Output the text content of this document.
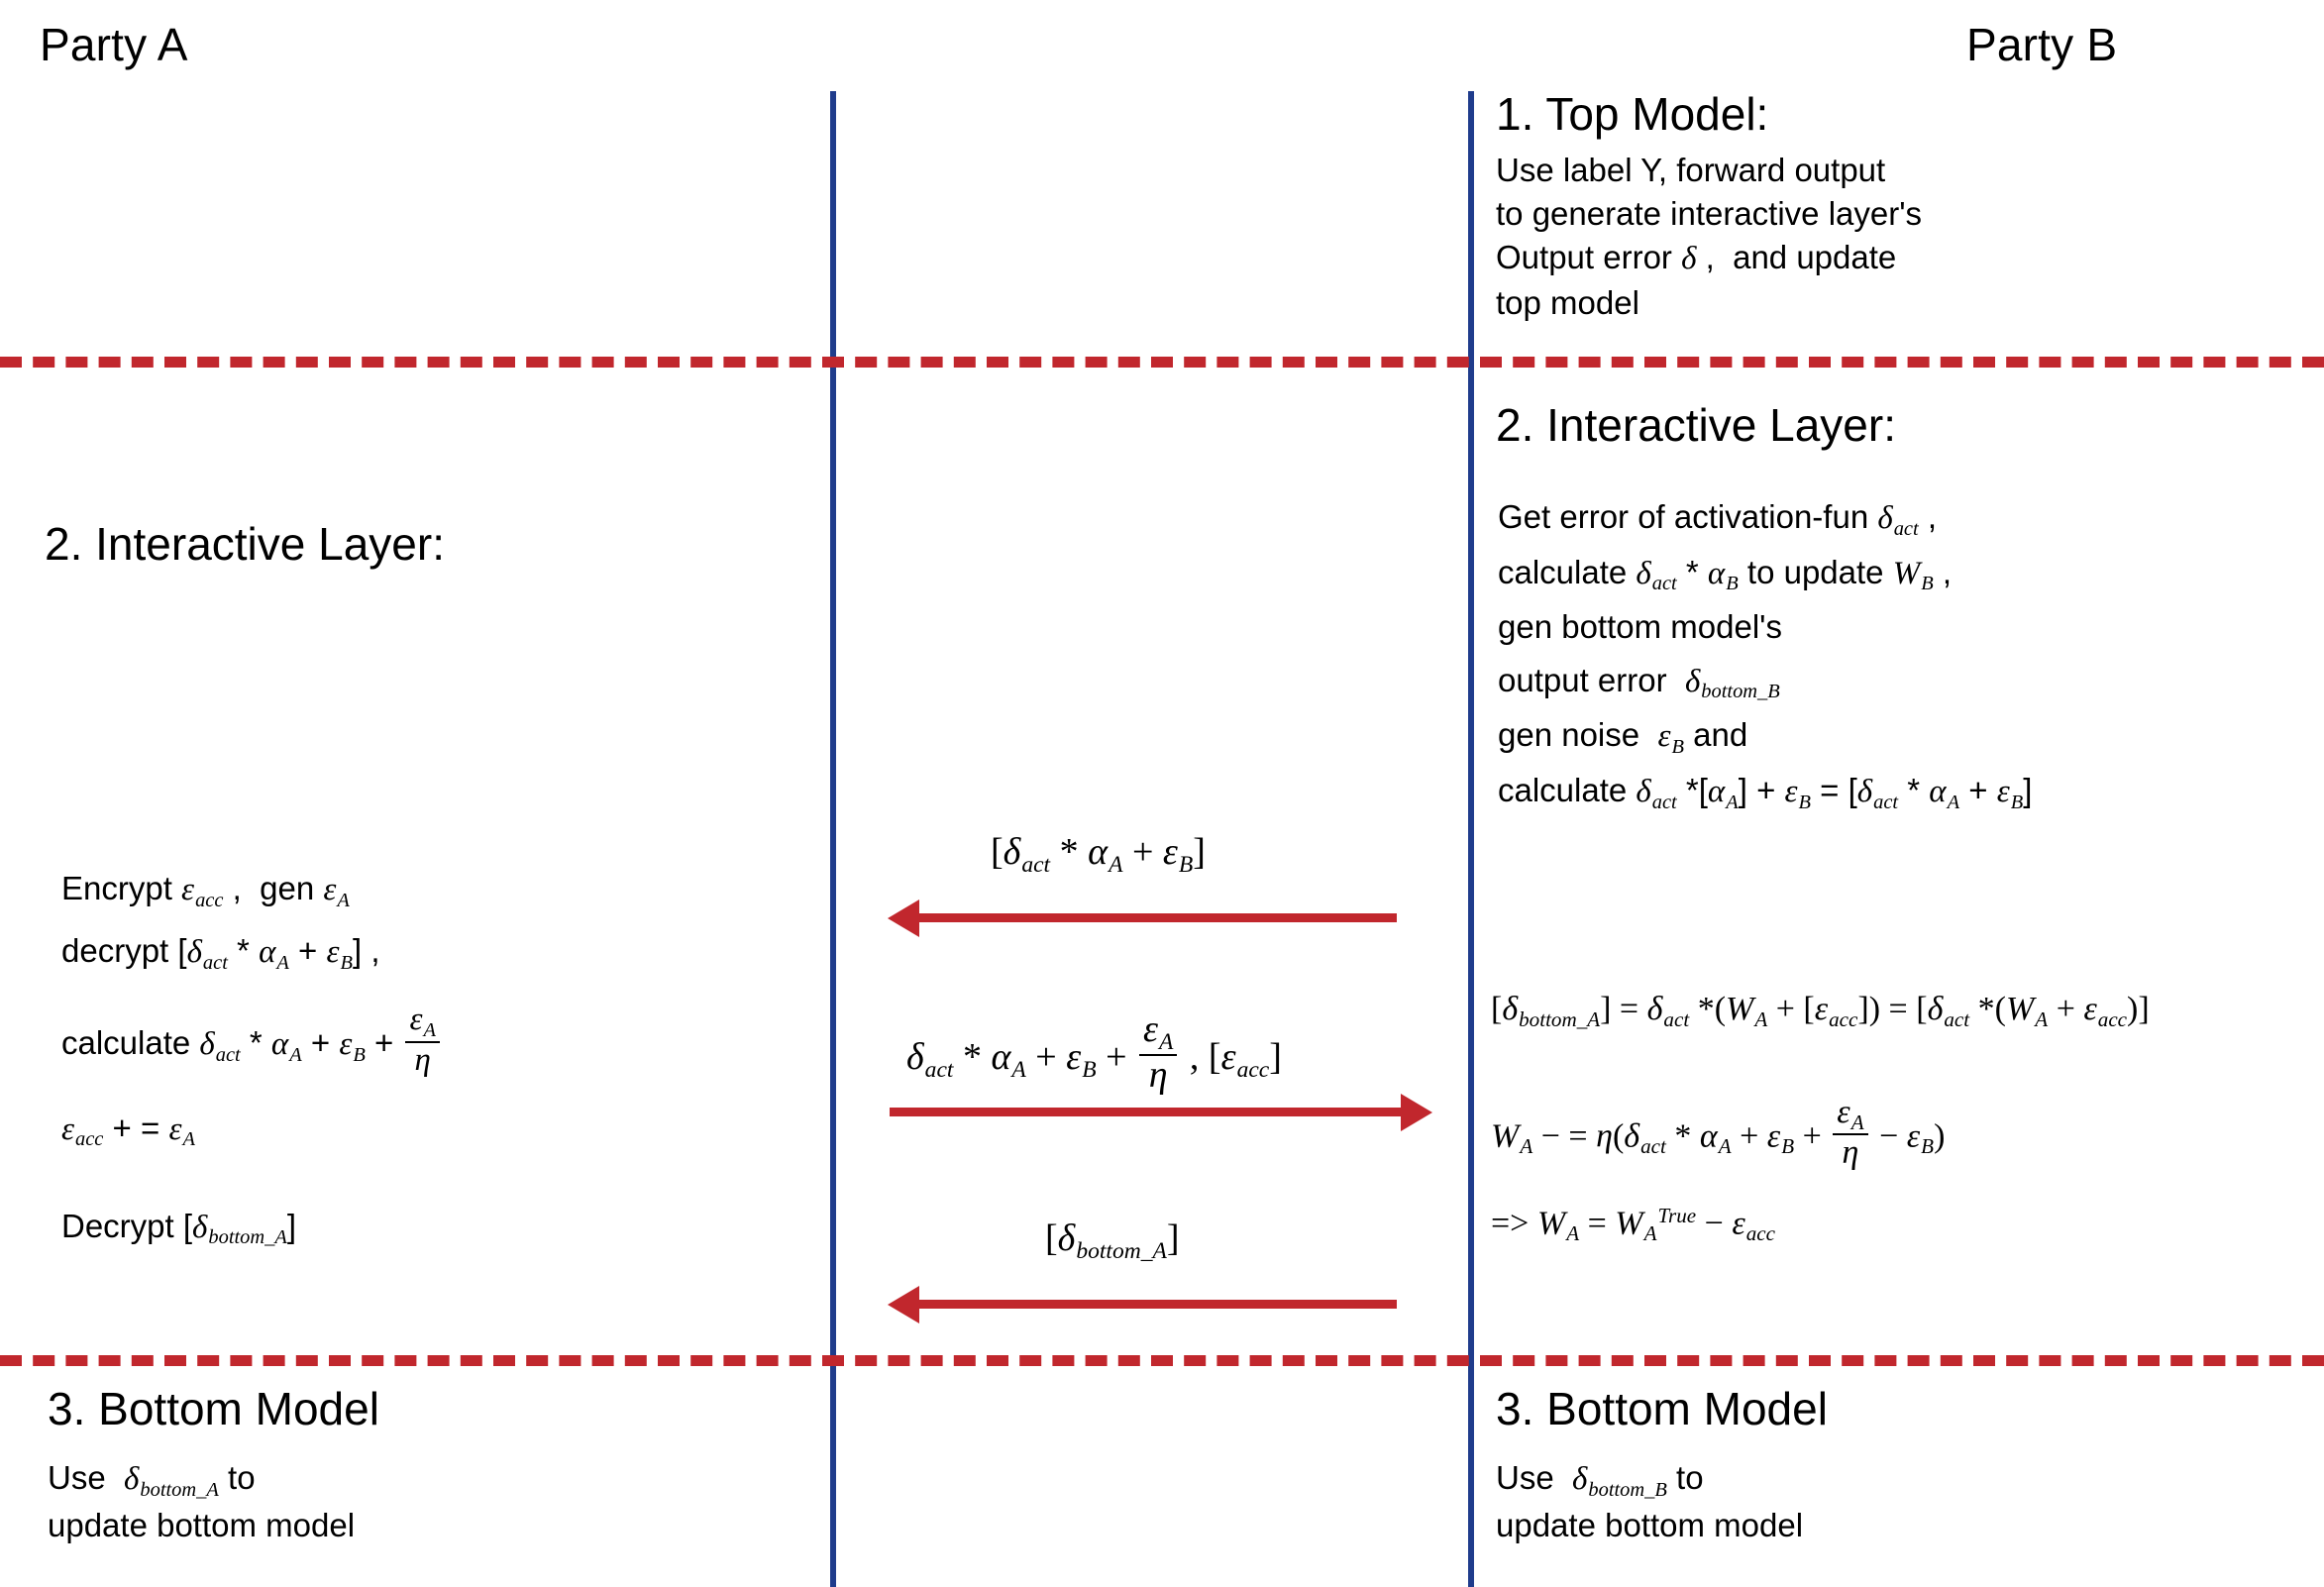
Party A	Party B
1. Top Model:
Use label Y, forward output
to generate interactive layer's
Output error δ ,  and update
top model
2. Interactive Layer:
Get error of activation-fun $\delta_{act}$ ,
calculate $\delta_{act} * \alpha_B$ to update $W_B$ ,
gen bottom model's
output error  $\delta_{bottom\_B}$
gen noise  $\varepsilon_B$ and
calculate $\delta_{act}$ $*[\alpha_A] + \varepsilon_B = [\delta_{act} * \alpha_A + \varepsilon_B]$
$[\delta_{bottom\_A}] = \delta_{act}$ $*(W_A + [\varepsilon_{acc}]) = [\delta_{act}$ $*(W_A + \varepsilon_{acc})$]
$W_A$ − = $\eta(\delta_{act} * \alpha_A + \varepsilon_B + \frac{\varepsilon_A}{\eta} - \varepsilon_B)$
=> $W_A = W_A^{True} - \varepsilon_{acc}$
3. Bottom Model
Use  $\delta_{bottom\_B}$ to
update bottom model
2. Interactive Layer:
Encrypt $\varepsilon_{acc}$ ,  gen $\varepsilon_A$
decrypt $[\delta_{act} * \alpha_A + \varepsilon_B]$ ,
calculate $\delta_{act} * \alpha_A + \varepsilon_B + \frac{\varepsilon_A}{\eta}$
$\varepsilon_{acc}$ + = $\varepsilon_A$
Decrypt $[\delta_{bottom\_A}]$
3. Bottom Model
Use  $\delta_{bottom\_A}$ to
update bottom model
$[\delta_{act} * \alpha_A + \varepsilon_B]$
$\delta_{act} * \alpha_A + \varepsilon_B + \frac{\varepsilon_A}{\eta}$ , $[\varepsilon_{acc}]$
$[\delta_{bottom\_A}]$
